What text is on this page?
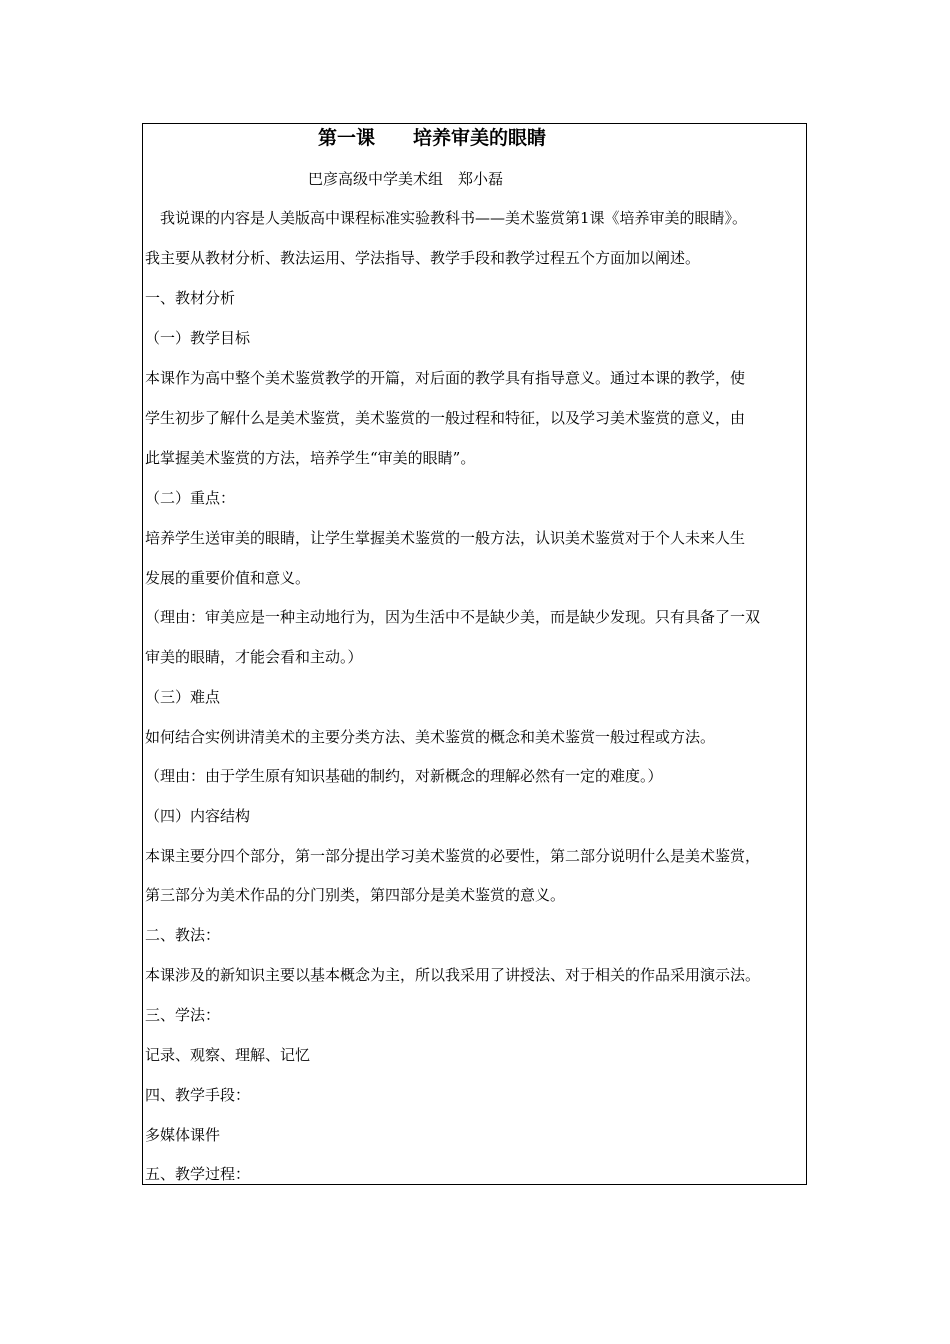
第一课　　培养审美的眼睛
巴彦高级中学美术组　郑小磊
　我说课的内容是人美版高中课程标准实验教科书——美术鉴赏第1课《培养审美的眼睛》。
我主要从教材分析、教法运用、学法指导、教学手段和教学过程五个方面加以阐述。
一、教材分析
（一）教学目标
本课作为高中整个美术鉴赏教学的开篇，对后面的教学具有指导意义。通过本课的教学，使
学生初步了解什么是美术鉴赏，美术鉴赏的一般过程和特征，以及学习美术鉴赏的意义，由
此掌握美术鉴赏的方法，培养学生“审美的眼睛”。
（二）重点：
培养学生送审美的眼睛，让学生掌握美术鉴赏的一般方法，认识美术鉴赏对于个人未来人生
发展的重要价值和意义。
（理由：审美应是一种主动地行为，因为生活中不是缺少美，而是缺少发现。只有具备了一双
审美的眼睛，才能会看和主动。）
（三）难点
如何结合实例讲清美术的主要分类方法、美术鉴赏的概念和美术鉴赏一般过程或方法。
（理由：由于学生原有知识基础的制约，对新概念的理解必然有一定的难度。）
（四）内容结构
本课主要分四个部分，第一部分提出学习美术鉴赏的必要性，第二部分说明什么是美术鉴赏，
第三部分为美术作品的分门别类，第四部分是美术鉴赏的意义。
二、教法：
本课涉及的新知识主要以基本概念为主，所以我采用了讲授法、对于相关的作品采用演示法。
三、学法：
记录、观察、理解、记忆
四、教学手段：
多媒体课件
五、教学过程：
